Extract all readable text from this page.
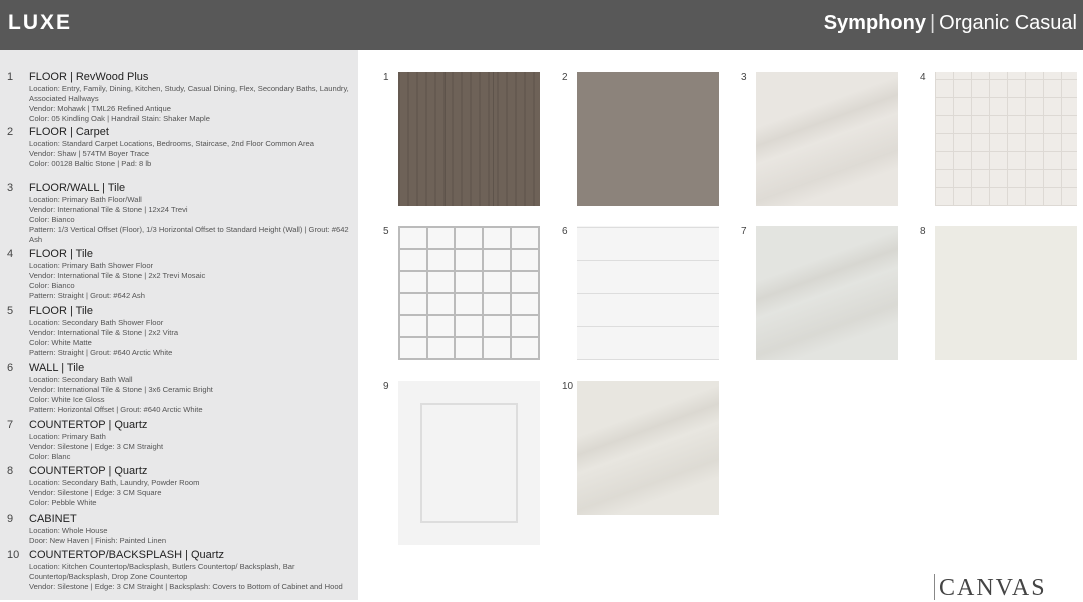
LUXE	Symphony | Organic Casual
1 FLOOR | RevWood Plus
Location: Entry, Family, Dining, Kitchen, Study, Casual Dining, Flex, Secondary Baths, Laundry, Associated Hallways
Vendor: Mohawk | TML26 Refined Antique
Color: 05 Kindling Oak | Handrail Stain: Shaker Maple
2 FLOOR | Carpet
Location: Standard Carpet Locations, Bedrooms, Staircase, 2nd Floor Common Area
Vendor: Shaw | 574TM Boyer Trace
Color: 00128 Baltic Stone | Pad: 8 lb
3 FLOOR/WALL | Tile
Location: Primary Bath Floor/Wall
Vendor: International Tile & Stone | 12x24 Trevi
Color: Bianco
Pattern: 1/3 Vertical Offset (Floor), 1/3 Horizontal Offset to Standard Height (Wall) | Grout: #642 Ash
4 FLOOR | Tile
Location: Primary Bath Shower Floor
Vendor: International Tile & Stone | 2x2 Trevi Mosaic
Color: Bianco
Pattern: Straight | Grout: #642 Ash
5 FLOOR | Tile
Location: Secondary Bath Shower Floor
Vendor: International Tile & Stone | 2x2 Vitra
Color: White Matte
Pattern: Straight | Grout: #640 Arctic White
6 WALL | Tile
Location: Secondary Bath Wall
Vendor: International Tile & Stone | 3x6 Ceramic Bright
Color: White Ice Gloss
Pattern: Horizontal Offset | Grout: #640 Arctic White
7 COUNTERTOP | Quartz
Location: Primary Bath
Vendor: Silestone | Edge: 3 CM Straight
Color: Blanc
8 COUNTERTOP | Quartz
Location: Secondary Bath, Laundry, Powder Room
Vendor: Silestone | Edge: 3 CM Square
Color: Pebble White
9 CABINET
Location: Whole House
Door: New Haven | Finish: Painted Linen
10 COUNTERTOP/BACKSPLASH | Quartz
Location: Kitchen Countertop/Backsplash, Butlers Countertop/ Backsplash, Bar Countertop/Backsplash, Drop Zone Countertop
Vendor: Silestone | Edge: 3 CM Straight | Backsplash: Covers to Bottom of Cabinet and Hood
1	2	3	4
5	6	7	8
9	10
CANVAS
